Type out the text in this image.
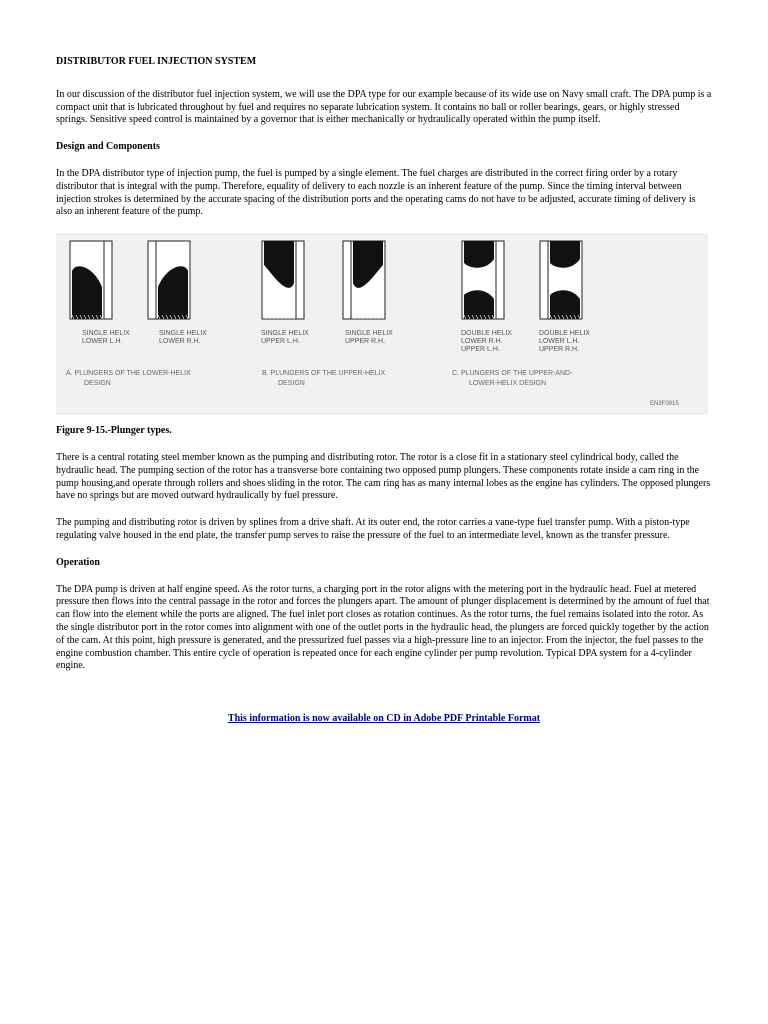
DISTRIBUTOR FUEL INJECTION SYSTEM

In our discussion of the distributor fuel injection system, we will use the DPA type for our example because of its wide use on Navy small craft. The DPA pump is a compact unit that is lubricated throughout by fuel and requires no separate lubrication system. It contains no ball or roller bearings, gears, or highly stressed springs. Sensitive speed control is maintained by a governor that is either mechanically or hydraulically operated within the pump itself.

Design and Components

In the DPA distributor type of injection pump, the fuel is pumped by a single element. The fuel charges are distributed in the correct firing order by a rotary distributor that is integral with the pump. Therefore, equality of delivery to each nozzle is an inherent feature of the pump. Since the timing interval between injection strokes is determined by the accurate spacing of the distribution ports and the operating cams do not have to be adjusted, accurate timing of delivery is also an inherent feature of the pump.

SINGLE HELIX
LOWER L.H.
SINGLE HELIX
LOWER R.H.
SINGLE HELIX
UPPER L.H.
SINGLE HELIX
UPPER R.H.
DOUBLE HELIX
LOWER R.H.
UPPER L.H.
DOUBLE HELIX
LOWER L.H.
UPPER R.H.
A. PLUNGERS OF THE LOWER-HELIX
DESIGN
B. PLUNGERS OF THE UPPER-HELIX
DESIGN
C. PLUNGERS OF THE UPPER-AND-
LOWER-HELIX DESIGN
EN3F0915
Figure 9-15.-Plunger types.

There is a central rotating steel member known as the pumping and distributing rotor. The rotor is a close fit in a stationary steel cylindrical body, called the hydraulic head. The pumping section of the rotor has a transverse bore containing two opposed pump plungers. These components rotate inside a cam ring in the pump housing,and operate through rollers and shoes sliding in the rotor. The cam ring has as many internal lobes as the engine has cylinders. The opposed plungers have no springs but are moved outward hydraulically by fuel pressure.

The pumping and distributing rotor is driven by splines from a drive shaft. At its outer end, the rotor carries a vane-type fuel transfer pump. With a piston-type regulating valve housed in the end plate, the transfer pump serves to raise the pressure of the fuel to an intermediate level, known as the transfer pressure.

Operation

The DPA pump is driven at half engine speed. As the rotor turns, a charging port in the rotor aligns with the metering port in the hydraulic head. Fuel at metered pressure then flows into the central passage in the rotor and forces the plungers apart. The amount of plunger displacement is determined by the amount of fuel that can flow into the element while the ports are aligned. The fuel inlet port closes as rotation continues. As the rotor turns, the fuel remains isolated into the rotor. As the single distributor port in the rotor comes into alignment with one of the outlet ports in the hydraulic head, the plungers are forced quickly together by the action of the cam. At this point, high pressure is generated, and the pressurized fuel passes via a high-pressure line to an injector. From the injector, the fuel passes to the engine combustion chamber. This entire cycle of operation is repeated once for each engine cylinder per pump revolution. Typical DPA system for a 4-cylinder engine.

This information is now available on CD in Adobe PDF Printable Format
